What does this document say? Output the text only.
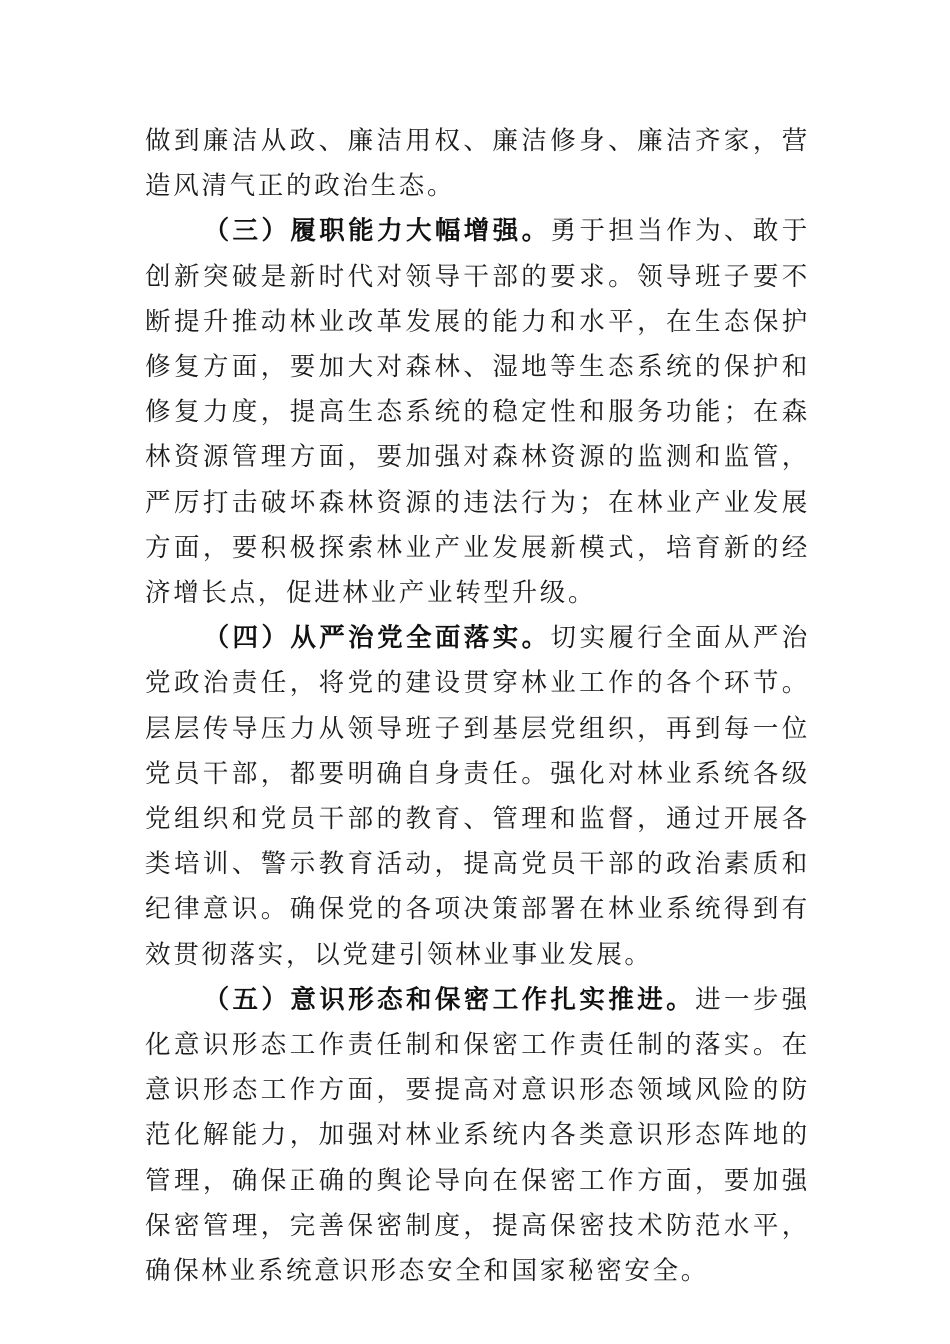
做到廉洁从政、廉洁用权、廉洁修身、廉洁齐家，营造风清气正的政治生态。

（三）履职能力大幅增强。勇于担当作为、敢于创新突破是新时代对领导干部的要求。领导班子要不断提升推动林业改革发展的能力和水平，在生态保护修复方面，要加大对森林、湿地等生态系统的保护和修复力度，提高生态系统的稳定性和服务功能；在森林资源管理方面，要加强对森林资源的监测和监管，严厉打击破坏森林资源的违法行为；在林业产业发展方面，要积极探索林业产业发展新模式，培育新的经济增长点，促进林业产业转型升级。

（四）从严治党全面落实。切实履行全面从严治党政治责任，将党的建设贯穿林业工作的各个环节。层层传导压力从领导班子到基层党组织，再到每一位党员干部，都要明确自身责任。强化对林业系统各级党组织和党员干部的教育、管理和监督，通过开展各类培训、警示教育活动，提高党员干部的政治素质和纪律意识。确保党的各项决策部署在林业系统得到有效贯彻落实，以党建引领林业事业发展。

（五）意识形态和保密工作扎实推进。进一步强化意识形态工作责任制和保密工作责任制的落实。在意识形态工作方面，要提高对意识形态领域风险的防范化解能力，加强对林业系统内各类意识形态阵地的管理，确保正确的舆论导向在保密工作方面，要加强保密管理，完善保密制度，提高保密技术防范水平，确保林业系统意识形态安全和国家秘密安全。
